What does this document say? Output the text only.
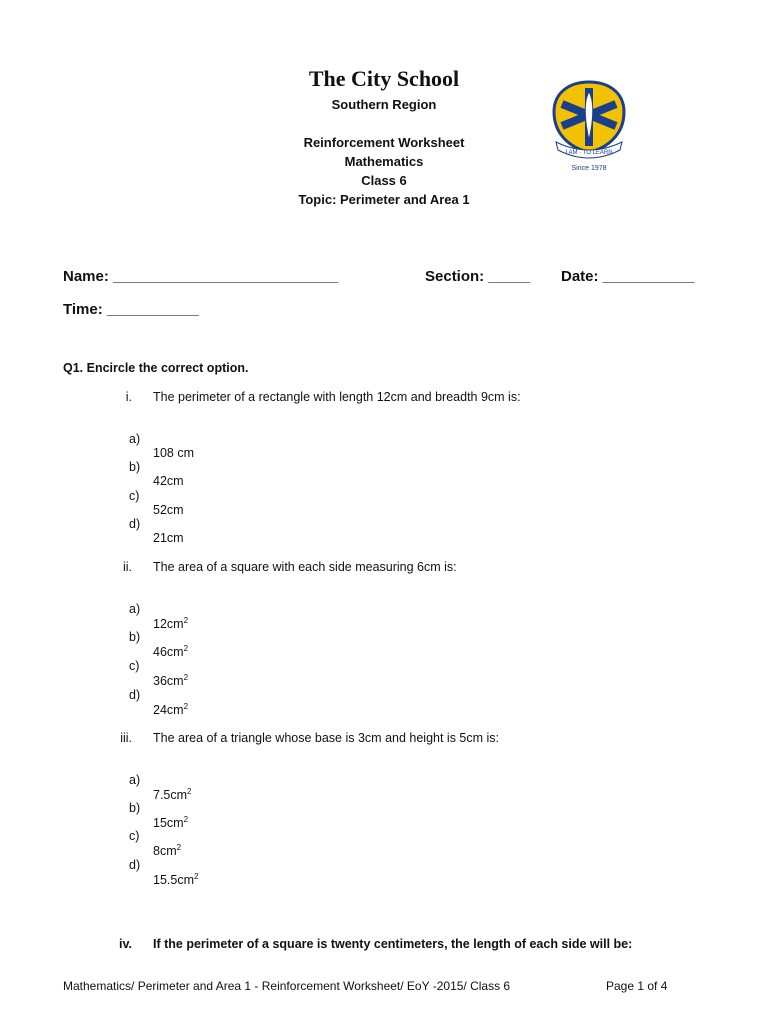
The City School
Southern Region
Reinforcement Worksheet
Mathematics
Class 6
Topic: Perimeter and Area 1
I AM · TO LEARN
Since 1978
Name: ___________________________	Section: _____ Date: ___________
Time: ___________
Q1. Encircle the correct option.
i. The perimeter of a rectangle with length 12cm and breadth 9cm is:

a)

108 cm

b)

42cm

c)

52cm

d)

21cm

ii. The area of a square with each side measuring 6cm is:

a)

$12cm^2$

b)

$46cm^2$

c)

$36cm^2$

d)

$24cm^2$

iii. The area of a triangle whose base is 3cm and height is 5cm is:

a)

$7.5cm^2$

b)

$15cm^2$

c)

$8cm^2$

d)

$15.5cm^2$

iv. If the perimeter of a square is twenty centimeters, the length of each side will be:
Mathematics/ Perimeter and Area 1 - Reinforcement Worksheet/ EoY -2015/ Class 6	Page 1 of 4
